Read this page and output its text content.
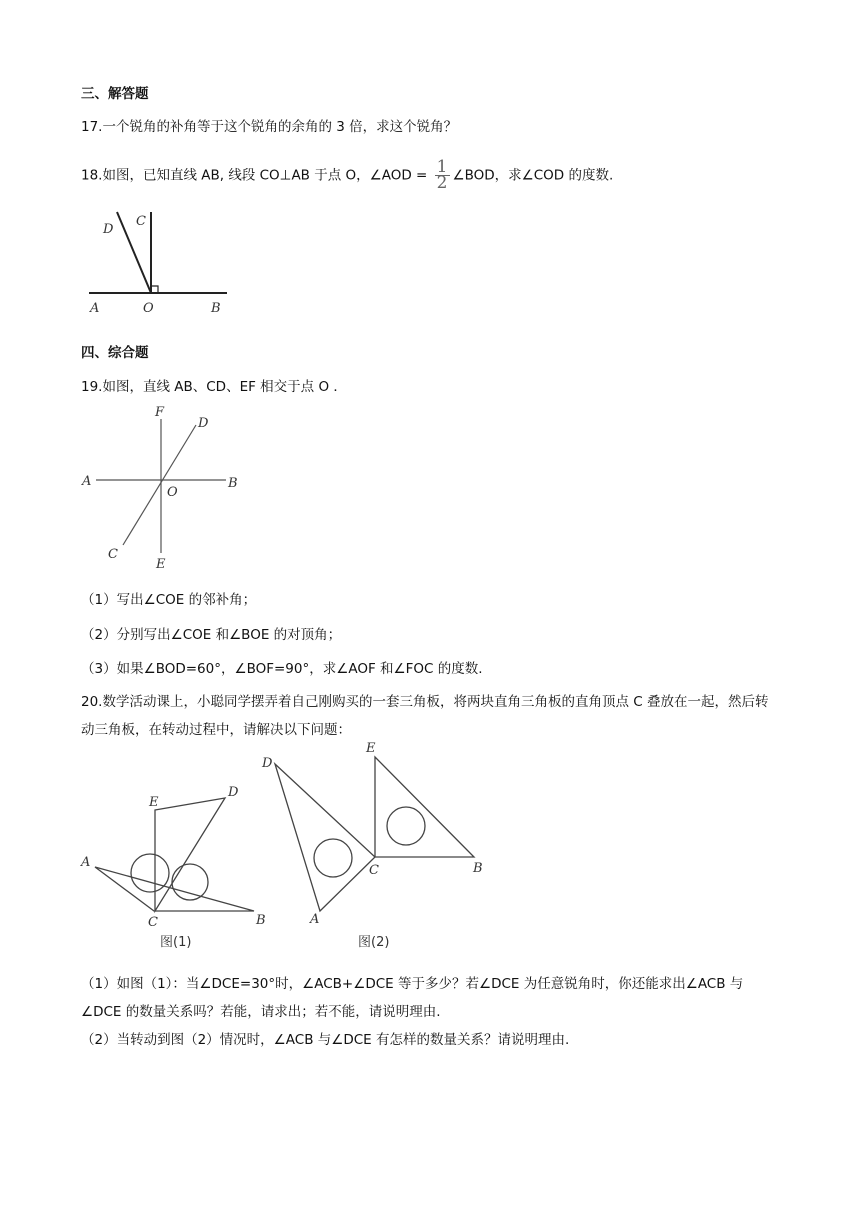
三、解答题
17.一个锐角的补角等于这个锐角的余角的 3 倍，求这个锐角？
18.如图，已知直线 AB, 线段 CO⊥AB 于点 O，∠AOD = $\frac{1}{2}$ ∠BOD，求∠COD 的度数.
C
D
A	O	B
四、综合题
19.如图，直线 AB、CD、EF 相交于点 O ．
F
D
A	B
O
C
E
（1）写出∠COE 的邻补角；
（2）分别写出∠COE 和∠BOE 的对顶角；
（3）如果∠BOD=60°，∠BOF=90°，求∠AOF 和∠FOC 的度数.
20.数学活动课上，小聪同学摆弄着自己刚购买的一套三角板，将两块直角三角板的直角顶点 C 叠放在一起，然后转动三角板，在转动过程中，请解决以下问题：
E
D
A
C	B
图(1)
D
E
C	B
A
图(2)
（1）如图（1）：当∠DCE=30°时，∠ACB+∠DCE 等于多少？若∠DCE 为任意锐角时，你还能求出∠ACB 与∠DCE 的数量关系吗？若能，请求出；若不能，请说明理由.
（2）当转动到图（2）情况时，∠ACB 与∠DCE 有怎样的数量关系？请说明理由.
